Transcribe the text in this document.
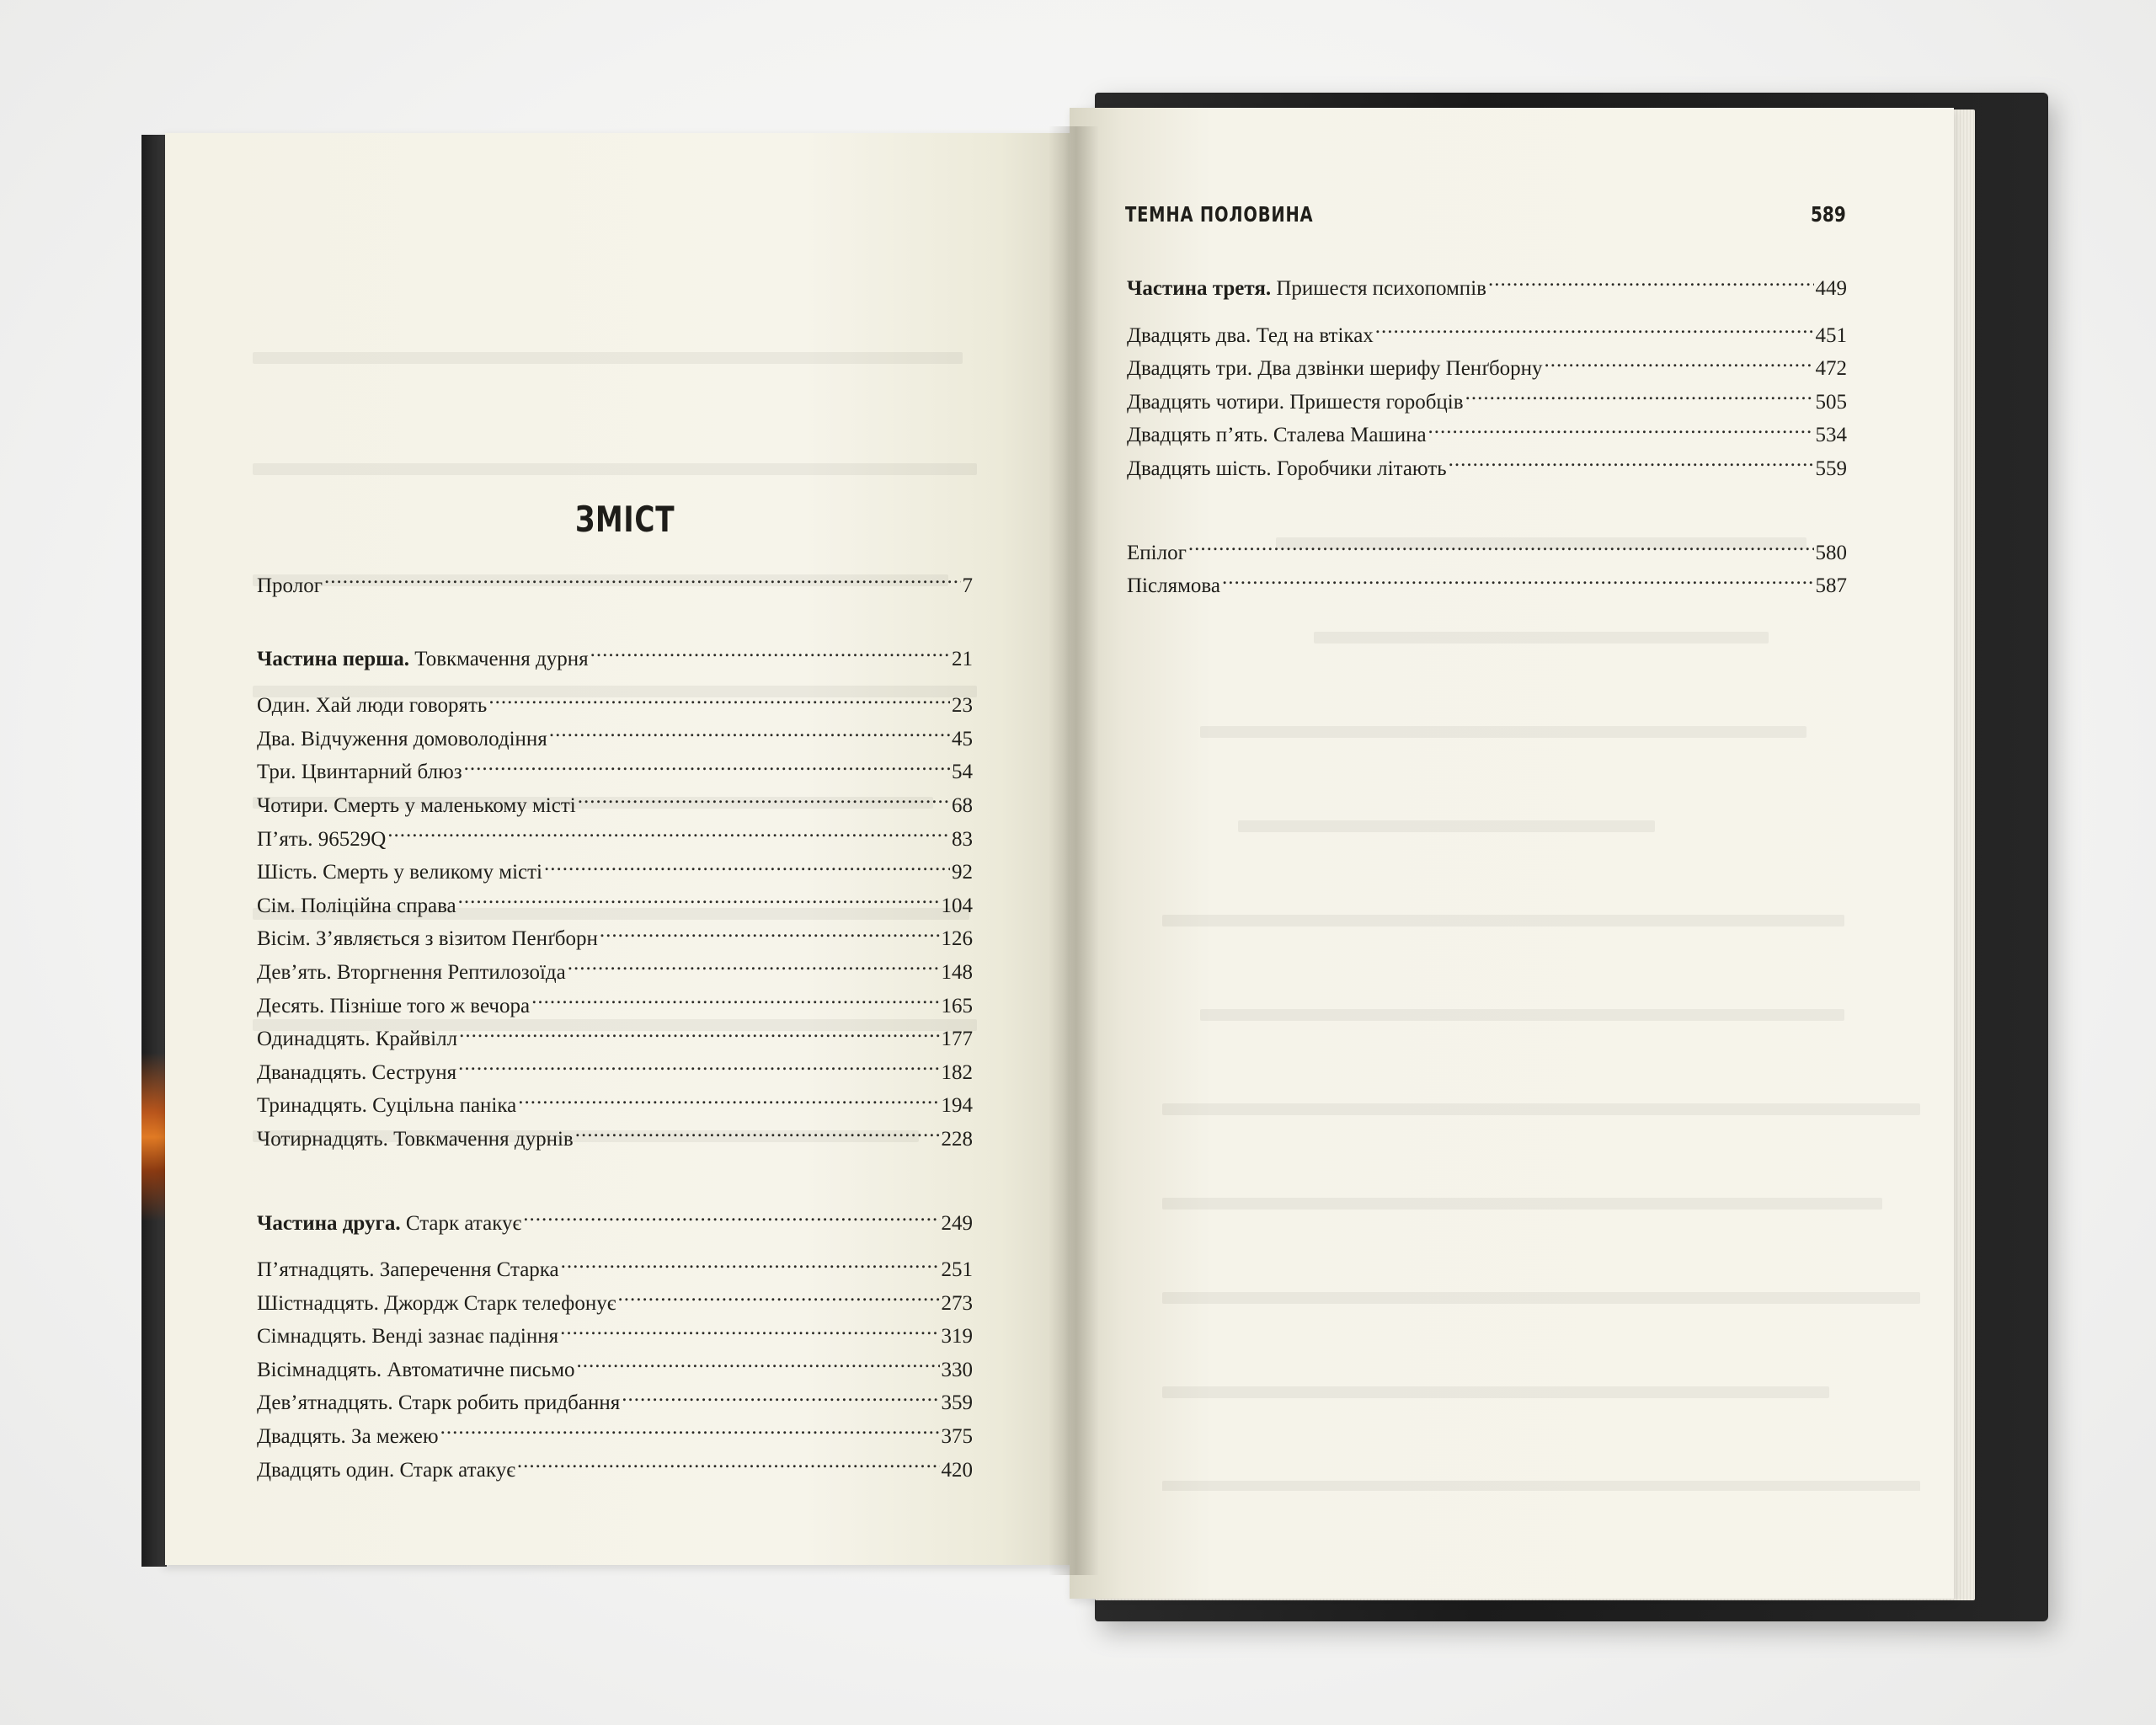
ЗМІСТ
Пролог .....	7
Частина перша.
Товкмачення дурня .....	21
Один. Хай люди говорять .....	23
Два. Відчуження домоволодіння .....	45
Три. Цвинтарний блюз .....	54
Чотири. Смерть у маленькому місті .....	68
П’ять. 96529Q .....	83
Шість. Смерть у великому місті .....	92
Сім. Поліційна справа .....	104
Вісім. З’являється з візитом Пенґборн .....	126
Дев’ять. Вторгнення Рептилозоїда .....	148
Десять. Пізніше того ж вечора .....	165
Одинадцять. Крайвілл .....	177
Дванадцять. Сеструня .....	182
Тринадцять. Суцільна паніка .....	194
Чотирнадцять. Товкмачення дурнів .....	228
Частина друга.
Старк атакує .....	249
П’ятнадцять. Заперечення Старка .....	251
Шістнадцять. Джордж Старк телефонує .....	273
Сімнадцять. Венді зазнає падіння .....	319
Вісімнадцять. Автоматичне письмо .....	330
Дев’ятнадцять. Старк робить придбання .....	359
Двадцять. За межею .....	375
Двадцять один. Старк атакує .....	420
ТЕМНА ПОЛОВИНА	589
Частина третя.
Пришестя психопомпів .....	449
Двадцять два. Тед на втіках .....	451
Двадцять три. Два дзвінки шерифу Пенґборну .....	472
Двадцять чотири. Пришестя горобців .....	505
Двадцять п’ять. Сталева Машина .....	534
Двадцять шість. Горобчики літають .....	559
Епілог .....	580
Післямова .....	587
